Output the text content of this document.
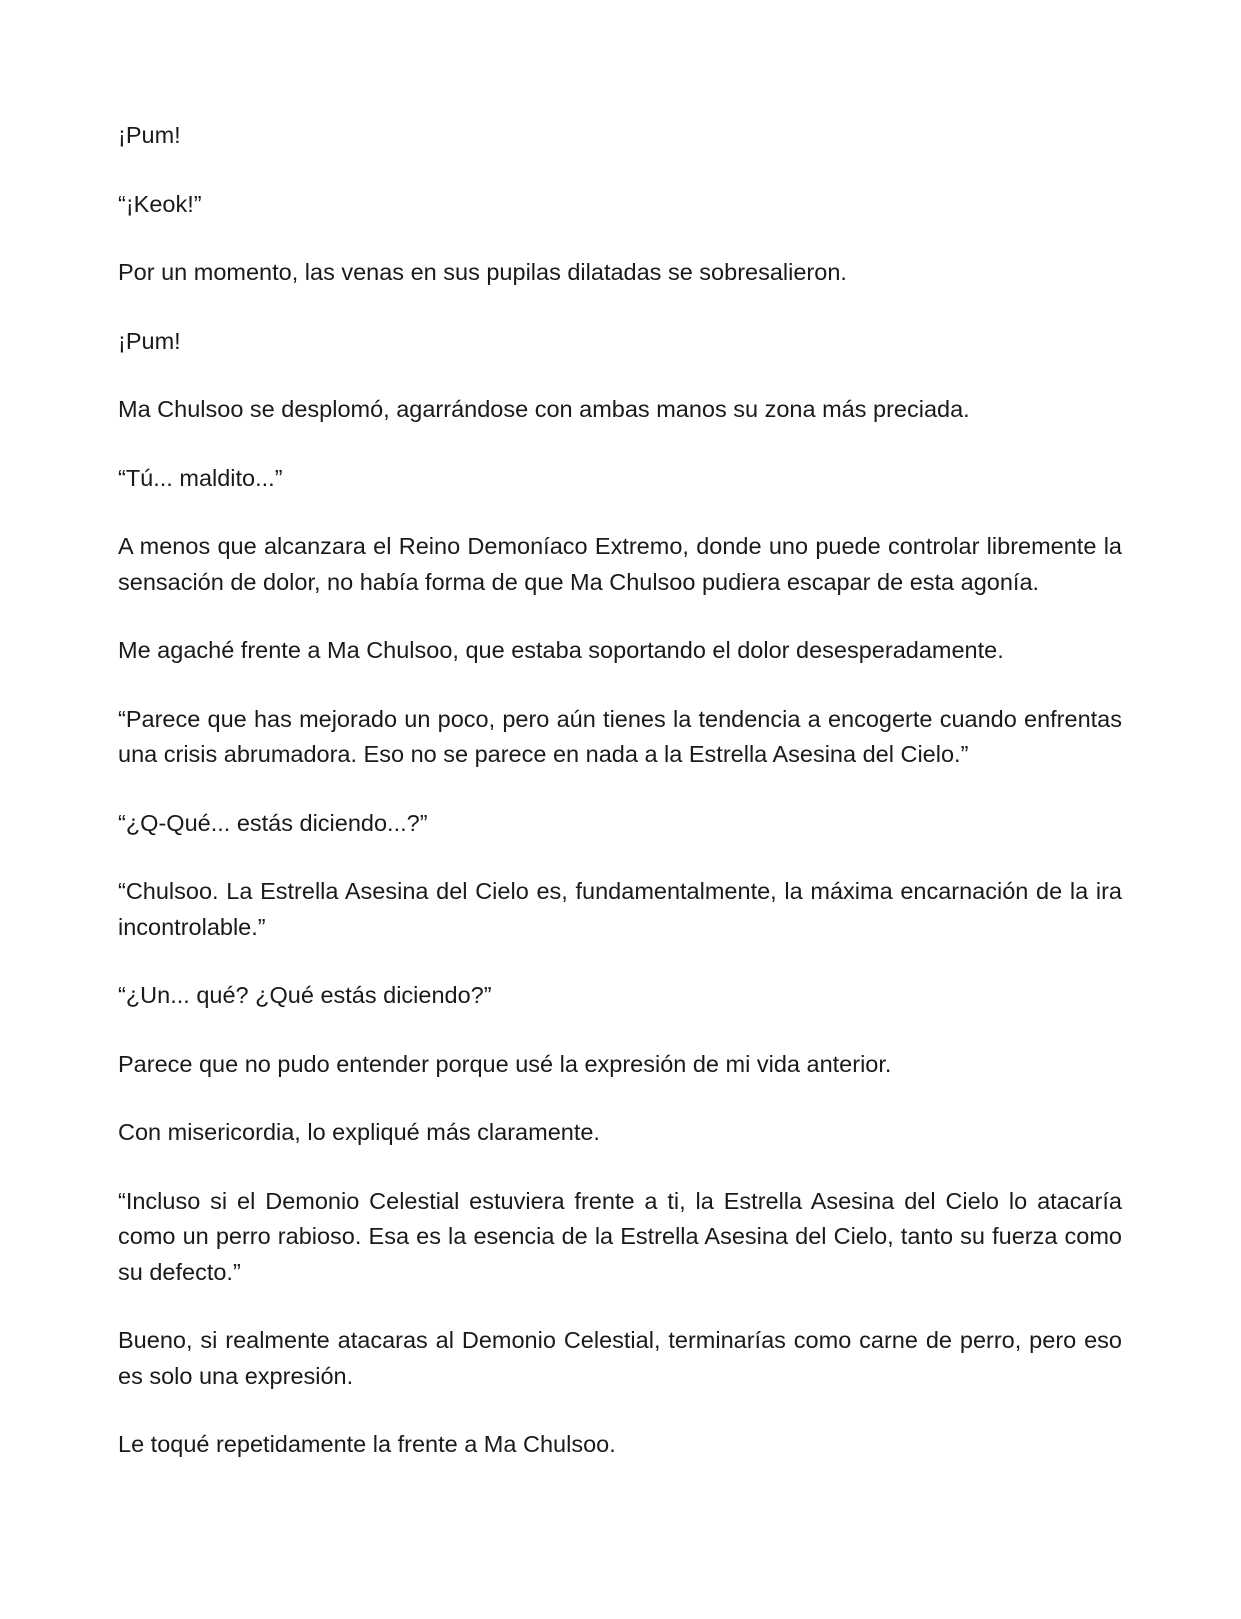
¡Pum!

“¡Keok!”

Por un momento, las venas en sus pupilas dilatadas se sobresalieron.

¡Pum!

Ma Chulsoo se desplomó, agarrándose con ambas manos su zona más preciada.

“Tú... maldito...”

A menos que alcanzara el Reino Demoníaco Extremo, donde uno puede controlar libremente la sensación de dolor, no había forma de que Ma Chulsoo pudiera escapar de esta agonía.

Me agaché frente a Ma Chulsoo, que estaba soportando el dolor desesperadamente.

“Parece que has mejorado un poco, pero aún tienes la tendencia a encogerte cuando enfrentas una crisis abrumadora. Eso no se parece en nada a la Estrella Asesina del Cielo.”

“¿Q-Qué... estás diciendo...?”

“Chulsoo. La Estrella Asesina del Cielo es, fundamentalmente, la máxima encarnación de la ira incontrolable.”

“¿Un... qué? ¿Qué estás diciendo?”

Parece que no pudo entender porque usé la expresión de mi vida anterior.

Con misericordia, lo expliqué más claramente.

“Incluso si el Demonio Celestial estuviera frente a ti, la Estrella Asesina del Cielo lo atacaría como un perro rabioso. Esa es la esencia de la Estrella Asesina del Cielo, tanto su fuerza como su defecto.”

Bueno, si realmente atacaras al Demonio Celestial, terminarías como carne de perro, pero eso es solo una expresión.

Le toqué repetidamente la frente a Ma Chulsoo.
